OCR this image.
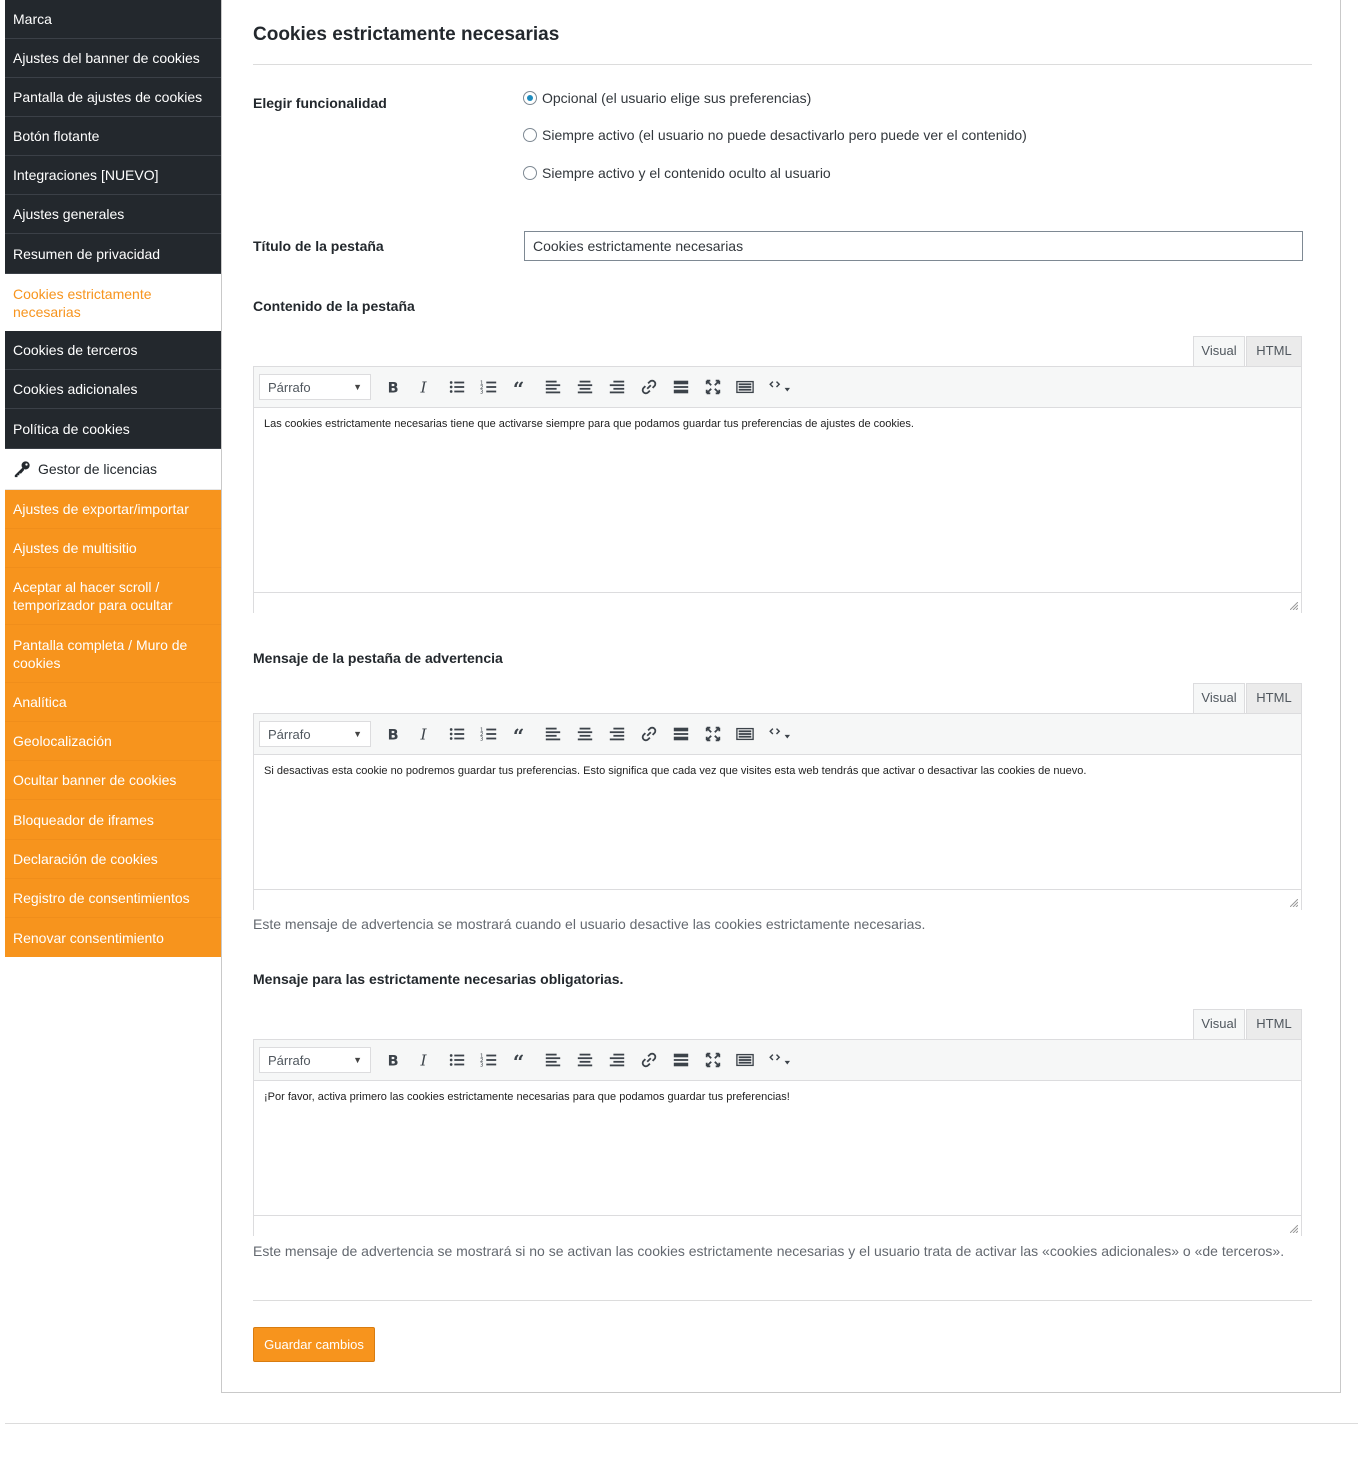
Marca
Ajustes del banner de cookies
Pantalla de ajustes de cookies
Botón flotante
Integraciones [NUEVO]
Ajustes generales
Resumen de privacidad
Cookies estrictamente necesarias
Cookies de terceros
Cookies adicionales
Política de cookies
Gestor de licencias
Ajustes de exportar/importar
Ajustes de multisitio
Aceptar al hacer scroll / temporizador para ocultar
Pantalla completa / Muro de cookies
Analítica
Geolocalización
Ocultar banner de cookies
Bloqueador de iframes
Declaración de cookies
Registro de consentimientos
Renovar consentimiento
Cookies estrictamente necesarias
Elegir funcionalidad	Opcional (el usuario elige sus preferencias)
Siempre activo (el usuario no puede desactivarlo pero puede ver el contenido)
Siempre activo y el contenido oculto al usuario
Título de la pestaña
Cookies estrictamente necesarias
Contenido de la pestaña
Visual	HTML
Párrafo	▼ B I	1
2
3 “
Las cookies estrictamente necesarias tiene que activarse siempre para que podamos guardar tus preferencias de ajustes de cookies.
Mensaje de la pestaña de advertencia
Visual	HTML
Párrafo	▼ B I	1
2
3 “
Si desactivas esta cookie no podremos guardar tus preferencias. Esto significa que cada vez que visites esta web tendrás que activar o desactivar las cookies de nuevo.
Este mensaje de advertencia se mostrará cuando el usuario desactive las cookies estrictamente necesarias.
Mensaje para las estrictamente necesarias obligatorias.
Visual	HTML
Párrafo	▼ B I	1
2
3 “
¡Por favor, activa primero las cookies estrictamente necesarias para que podamos guardar tus preferencias!
Este mensaje de advertencia se mostrará si no se activan las cookies estrictamente necesarias y el usuario trata de activar las «cookies adicionales» o «de terceros».
Guardar cambios
